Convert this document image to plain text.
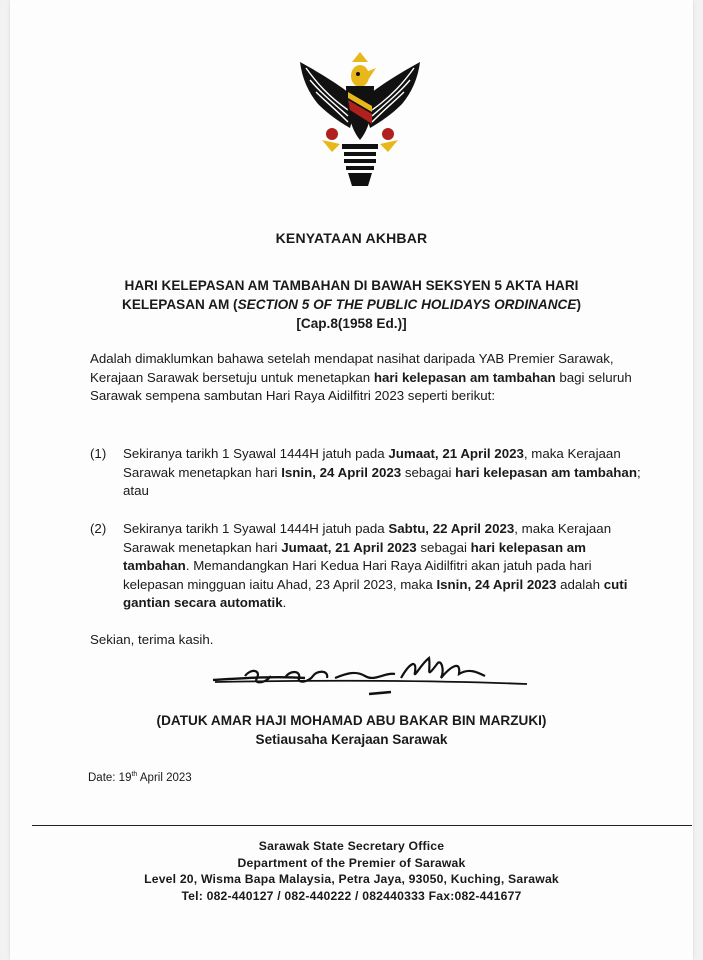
KENYATAAN AKHBAR
HARI KELEPASAN AM TAMBAHAN DI BAWAH SEKSYEN 5 AKTA HARI
KELEPASAN AM (SECTION 5 OF THE PUBLIC HOLIDAYS ORDINANCE)
[Cap.8(1958 Ed.)]
Adalah dimaklumkan bahawa setelah mendapat nasihat daripada YAB Premier Sarawak, Kerajaan Sarawak bersetuju untuk menetapkan hari kelepasan am tambahan bagi seluruh Sarawak sempena sambutan Hari Raya Aidilfitri 2023 seperti berikut:
(1) Sekiranya tarikh 1 Syawal 1444H jatuh pada Jumaat, 21 April 2023, maka Kerajaan Sarawak menetapkan hari Isnin, 24 April 2023 sebagai hari kelepasan am tambahan; atau
(2) Sekiranya tarikh 1 Syawal 1444H jatuh pada Sabtu, 22 April 2023, maka Kerajaan Sarawak menetapkan hari Jumaat, 21 April 2023 sebagai hari kelepasan am tambahan. Memandangkan Hari Kedua Hari Raya Aidilfitri akan jatuh pada hari kelepasan mingguan iaitu Ahad, 23 April 2023, maka Isnin, 24 April 2023 adalah cuti gantian secara automatik.
Sekian, terima kasih.
(DATUK AMAR HAJI MOHAMAD ABU BAKAR BIN MARZUKI)
Setiausaha Kerajaan Sarawak
Date: 19th April 2023
Sarawak State Secretary Office
Department of the Premier of Sarawak
Level 20, Wisma Bapa Malaysia, Petra Jaya, 93050, Kuching, Sarawak
Tel: 082-440127 / 082-440222 / 082440333 Fax:082-441677
